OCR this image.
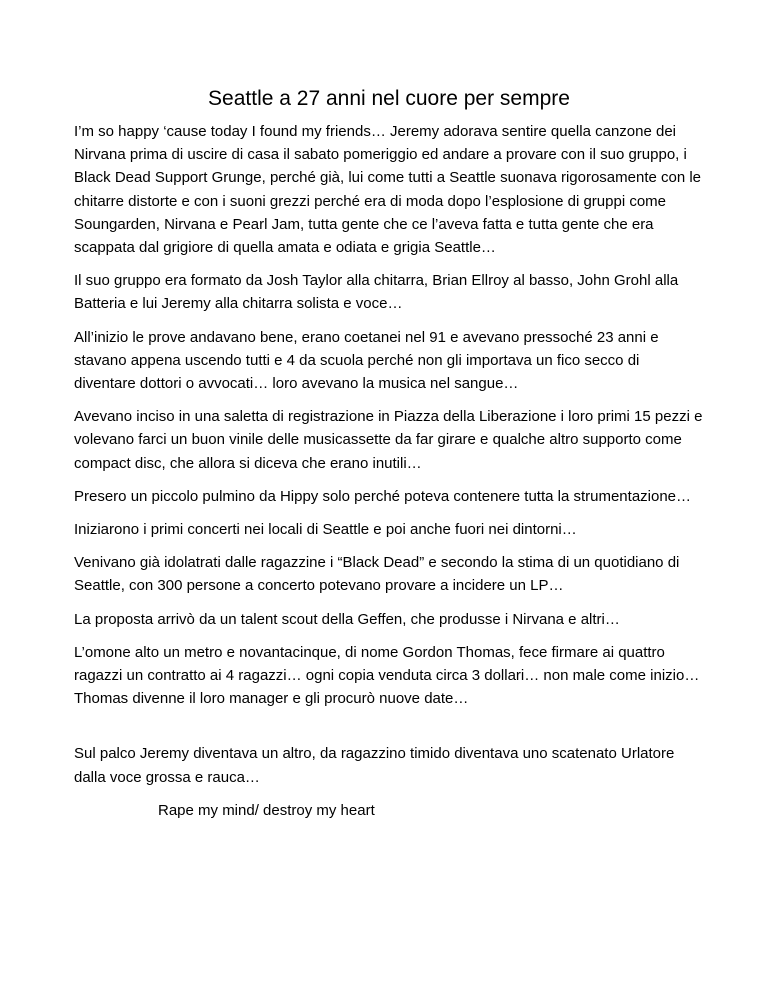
Seattle a 27 anni nel cuore per sempre

I’m so happy ‘cause today I found my friends… Jeremy adorava sentire quella canzone dei Nirvana prima di uscire di casa il sabato pomeriggio ed andare a provare con il suo gruppo, i Black Dead Support Grunge, perché già, lui come tutti a Seattle suonava rigorosamente con le chitarre distorte e con i suoni grezzi perché era di moda dopo l’esplosione di gruppi come Soungarden, Nirvana e Pearl Jam, tutta gente che ce l’aveva fatta e tutta gente che era scappata dal grigiore di quella amata e odiata e grigia Seattle…

Il suo gruppo era formato da Josh Taylor alla chitarra, Brian Ellroy al basso, John Grohl alla Batteria e lui Jeremy alla chitarra solista e voce…

All’inizio le prove andavano bene, erano coetanei nel 91 e avevano pressoché 23 anni e stavano appena uscendo tutti e 4 da scuola perché non gli importava un fico secco di diventare dottori o avvocati… loro avevano la musica nel sangue…

Avevano inciso in una saletta di registrazione in Piazza della Liberazione i loro primi 15 pezzi e volevano farci un buon vinile delle musicassette da far girare e qualche altro supporto come compact disc, che allora si diceva che erano inutili…

Presero un piccolo pulmino da Hippy solo perché poteva contenere tutta la strumentazione…

Iniziarono i primi concerti nei locali di Seattle e poi anche fuori nei dintorni…

Venivano già idolatrati dalle ragazzine i “Black Dead” e secondo la stima di un quotidiano di Seattle, con 300 persone a concerto potevano provare a incidere un LP…

La proposta arrivò da un talent scout della Geffen, che produsse i Nirvana e altri…

L’omone alto un metro e novantacinque, di nome Gordon Thomas, fece firmare ai quattro ragazzi un contratto ai 4 ragazzi… ogni copia venduta circa 3 dollari… non male come inizio… Thomas divenne il loro manager e gli procurò nuove date…

Sul palco Jeremy diventava un altro, da ragazzino timido diventava uno scatenato Urlatore dalla voce grossa e rauca…

Rape my mind/ destroy my heart
